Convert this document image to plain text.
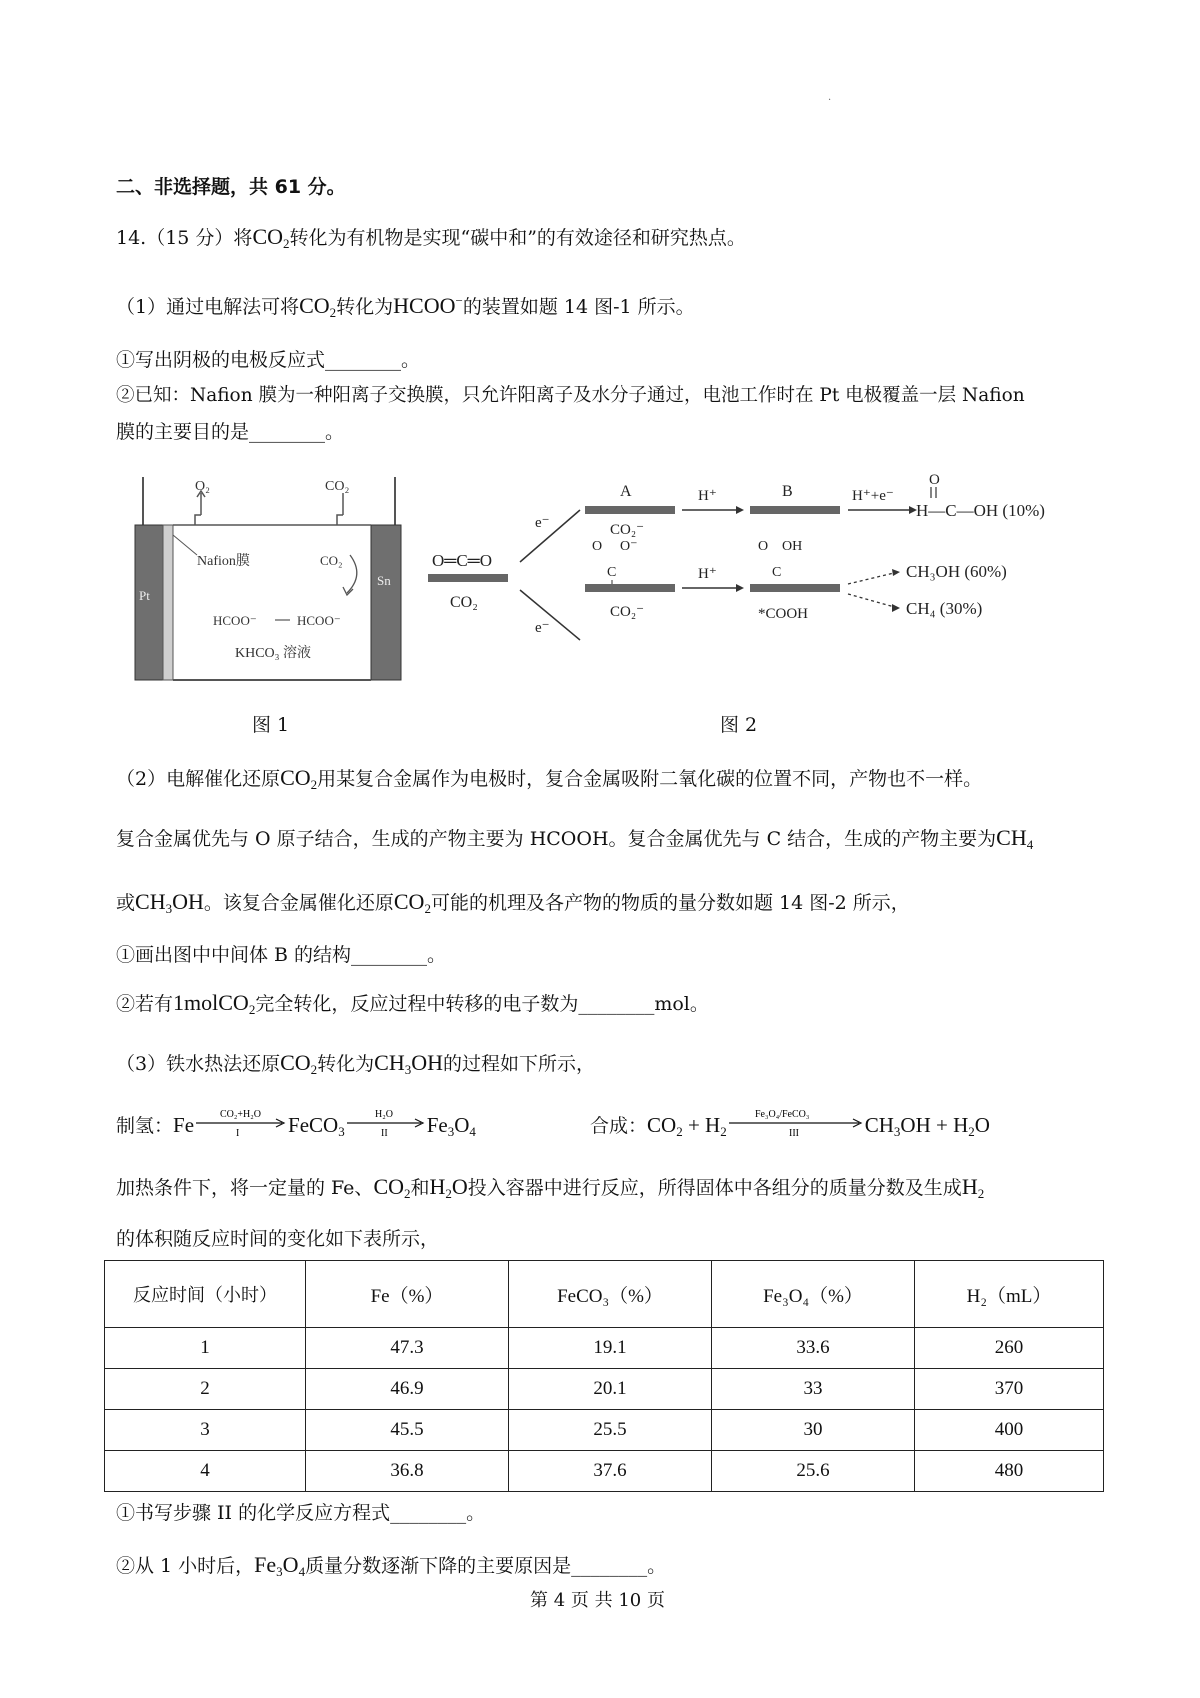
.
二、非选择题，共 61 分。
14.（15 分）将$CO_2$转化为有机物是实现“碳中和”的有效途径和研究热点。
（1）通过电解法可将$CO_2$转化为HCOO−的装置如题 14 图-1 所示。
①写出阴极的电极反应式________。
②已知：Nafion 膜为一种阳离子交换膜，只允许阳离子及水分子通过，电池工作时在 Pt 电极覆盖一层 Nafion
膜的主要目的是________。
O₂	CO₂
Nafion膜	CO₂
Pt
Sn
HCOO⁻	HCOO⁻
KHCO₃ 溶液
O═C═O
CO₂
e⁻
e⁻
A
CO₂⁻
H⁺	B	H⁺+e⁻
O
H—C—OH (10%)
O O⁻
C
CO₂⁻
H⁺
O OH
C
*COOH
CH₃OH (60%)
CH₄ (30%)
图 1	图 2
（2）电解催化还原$CO_2$用某复合金属作为电极时，复合金属吸附二氧化碳的位置不同，产物也不一样。
复合金属优先与 O 原子结合，生成的产物主要为 HCOOH。复合金属优先与 C 结合，生成的产物主要为$CH_4$
或$CH_3OH$。该复合金属催化还原$CO_2$可能的机理及各产物的物质的量分数如题 14 图-2 所示，
①画出图中中间体 B 的结构________。
②若有1molCO$_2$完全转化，反应过程中转移的电子数为________mol。
（3）铁水热法还原$CO_2$转化为$CH_3OH$的过程如下所示，
制氢：Fe	CO₂+H₂O
I FeCO$_3$
H₂O
II $Fe_3O_4$	合成：$CO_2 + H_2$
Fe₃O₄/FeCO₃
III	$CH_3OH + H_2O$
加热条件下，将一定量的 Fe、$CO_2$和$H_2O$投入容器中进行反应，所得固体中各组分的质量分数及生成$H_2$
的体积随反应时间的变化如下表所示，
反应时间（小时）	Fe（%）	FeCO₃（%）	Fe₃O₄（%）	H₂（mL）
1	47.3	19.1	33.6	260
2	46.9	20.1	33	370
3	45.5	25.5	30	400
4	36.8	37.6	25.6	480
①书写步骤 II 的化学反应方程式________。
②从 1 小时后，$Fe_3O_4$质量分数逐渐下降的主要原因是________。
第 4 页 共 10 页
